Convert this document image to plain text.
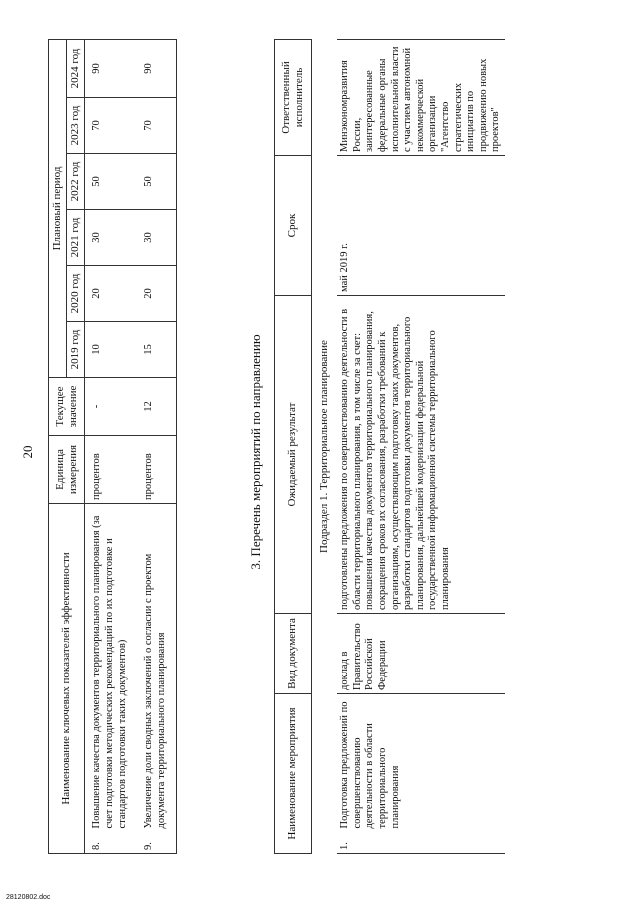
20
Наименование ключевых показателей эффективности		Единица измерения	Текущее значение	Плановый период					
				2019 год	2020 год	2021 год	2022 год	2023 год	2024 год
8.	Повышение качества документов территориального планирования (за счет подготовки методических рекомендаций по их подготовке и стандартов подготовки таких документов)	процентов	-	10	20	30	50	70	90
9.	Увеличение доли сводных заключений о согласии с проектом документа территориального планирования	процентов	12	15	20	30	50	70	90
3. Перечень мероприятий по направлению
Наименование мероприятия		Вид документа	Ожидаемый результат	Срок	Ответственный исполнитель
Подраздел 1. Территориальное планирование					
1.	Подготовка предложений по совершенствованию деятельности в области территориального планирования	доклад в Правительство Российской Федерации	подготовлены предложения по совершенствованию деятельности в области территориального планирования, в том числе за счет: повышения качества документов территориального планирования, сокращения сроков их согласования, разработки требований к организациям, осуществляющим подготовку таких документов, разработки стандартов подготовки документов территориального планирования, дальнейшей модернизации федеральной государственной информационной системы территориального планирования	май 2019 г.	Минэкономразвития России, заинтересованные федеральные органы исполнительной власти с участием автономной некоммерческой организации "Агентство стратегических инициатив по продвижению новых проектов"
28120802.doc
